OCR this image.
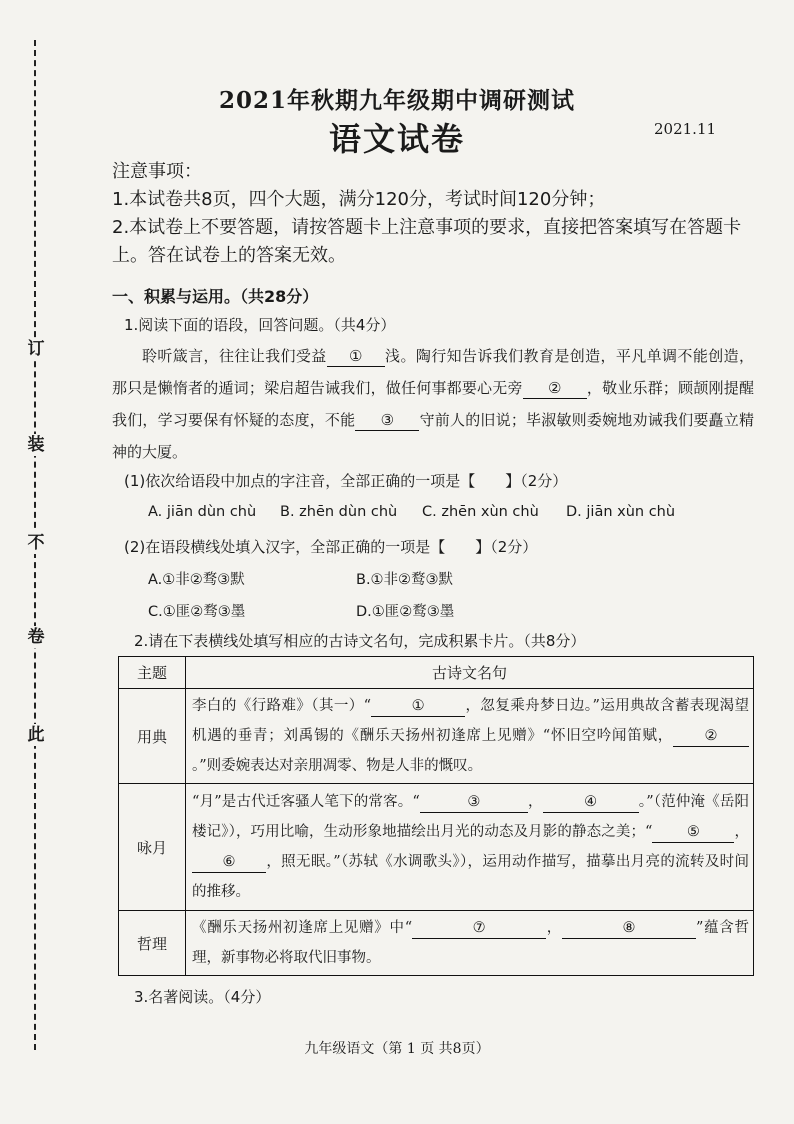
订
装
不
卷
此
2021年秋期九年级期中调研测试
语文试卷	2021.11
注意事项：
1.本试卷共8页，四个大题，满分120分，考试时间120分钟；
2.本试卷上不要答题，请按答题卡上注意事项的要求，直接把答案填写在答题卡上。答在试卷上的答案无效。
一、积累与运用。（共28分）
1.阅读下面的语段，回答问题。（共4分）
聆听箴言，往往让我们受益 ① 浅。陶行知告诉我们教育是创造，平凡单调不能创造，那只是懒惰者的遁词；梁启超告诫我们，做任何事都要心无旁 ② ，敬业乐群；顾颉刚提醒我们，学习要保有怀疑的态度，不能 ③ 守前人的旧说；毕淑敏则委婉地劝诫我们要矗立精神的大厦。
(1)依次给语段中加点的字注音，全部正确的一项是【　　】（2分）
A. jiān dùn chù B. zhēn dùn chù C. zhēn xùn chù D. jiān xùn chù
(2)在语段横线处填入汉字，全部正确的一项是【　　】（2分）
A.①非②骛③默	B.①非②鹜③默
C.①匪②骛③墨	D.①匪②鹜③墨
2.请在下表横线处填写相应的古诗文名句，完成积累卡片。（共8分）
主题	古诗文名句
用典	李白的《行路难》（其一）“ ① ，忽复乘舟梦日边。”运用典故含蓄表现渴望机遇的垂青；刘禹锡的《酬乐天扬州初逢席上见赠》“怀旧空吟闻笛赋， ②。”则委婉表达对亲朋凋零、物是人非的慨叹。
咏月	“月”是古代迁客骚人笔下的常客。“ ③ ， ④ 。”（范仲淹《岳阳楼记》），巧用比喻，生动形象地描绘出月光的动态及月影的静态之美；“ ⑤ ，⑥ ，照无眠。”（苏轼《水调歌头》），运用动作描写，描摹出月亮的流转及时间的推移。
哲理	《酬乐天扬州初逢席上见赠》中“ ⑦ ， ⑧ ”蕴含哲理，新事物必将取代旧事物。
3.名著阅读。（4分）
九年级语文（第 1 页 共8页）
